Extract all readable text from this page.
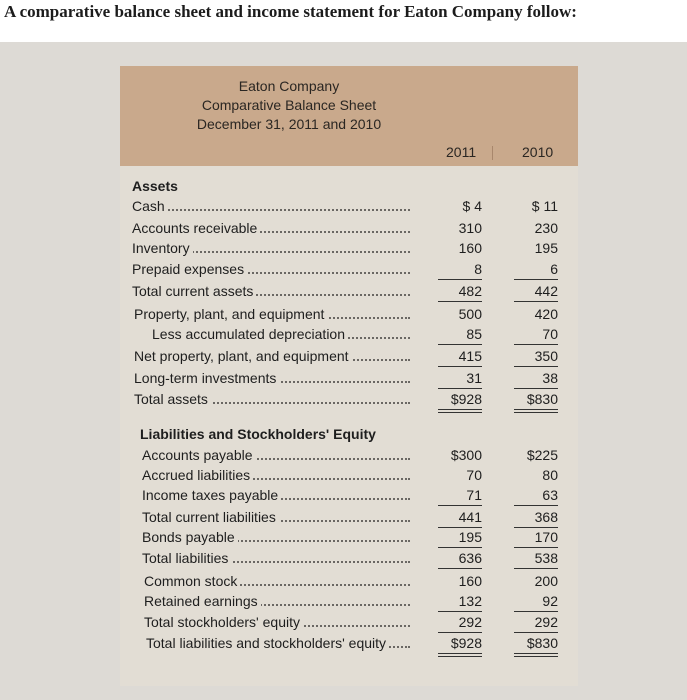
A comparative balance sheet and income statement for Eaton Company follow:
Eaton Company
Comparative Balance Sheet
December 31, 2011 and 2010
2011	2010
Assets
Cash	$ 4	$ 11
Accounts receivable	310	230
Inventory	160	195
Prepaid expenses	8	6
Total current assets	482	442
Property, plant, and equipment	500	420
Less accumulated depreciation	85	70
Net property, plant, and equipment	415	350
Long-term investments	31	38
Total assets	$928	$830
Liabilities and Stockholders' Equity
Accounts payable	$300	$225
Accrued liabilities	70	80
Income taxes payable	71	63
Total current liabilities	441	368
Bonds payable	195	170
Total liabilities	636	538
Common stock	160	200
Retained earnings	132	92
Total stockholders' equity	292	292
Total liabilities and stockholders' equity	$928	$830
